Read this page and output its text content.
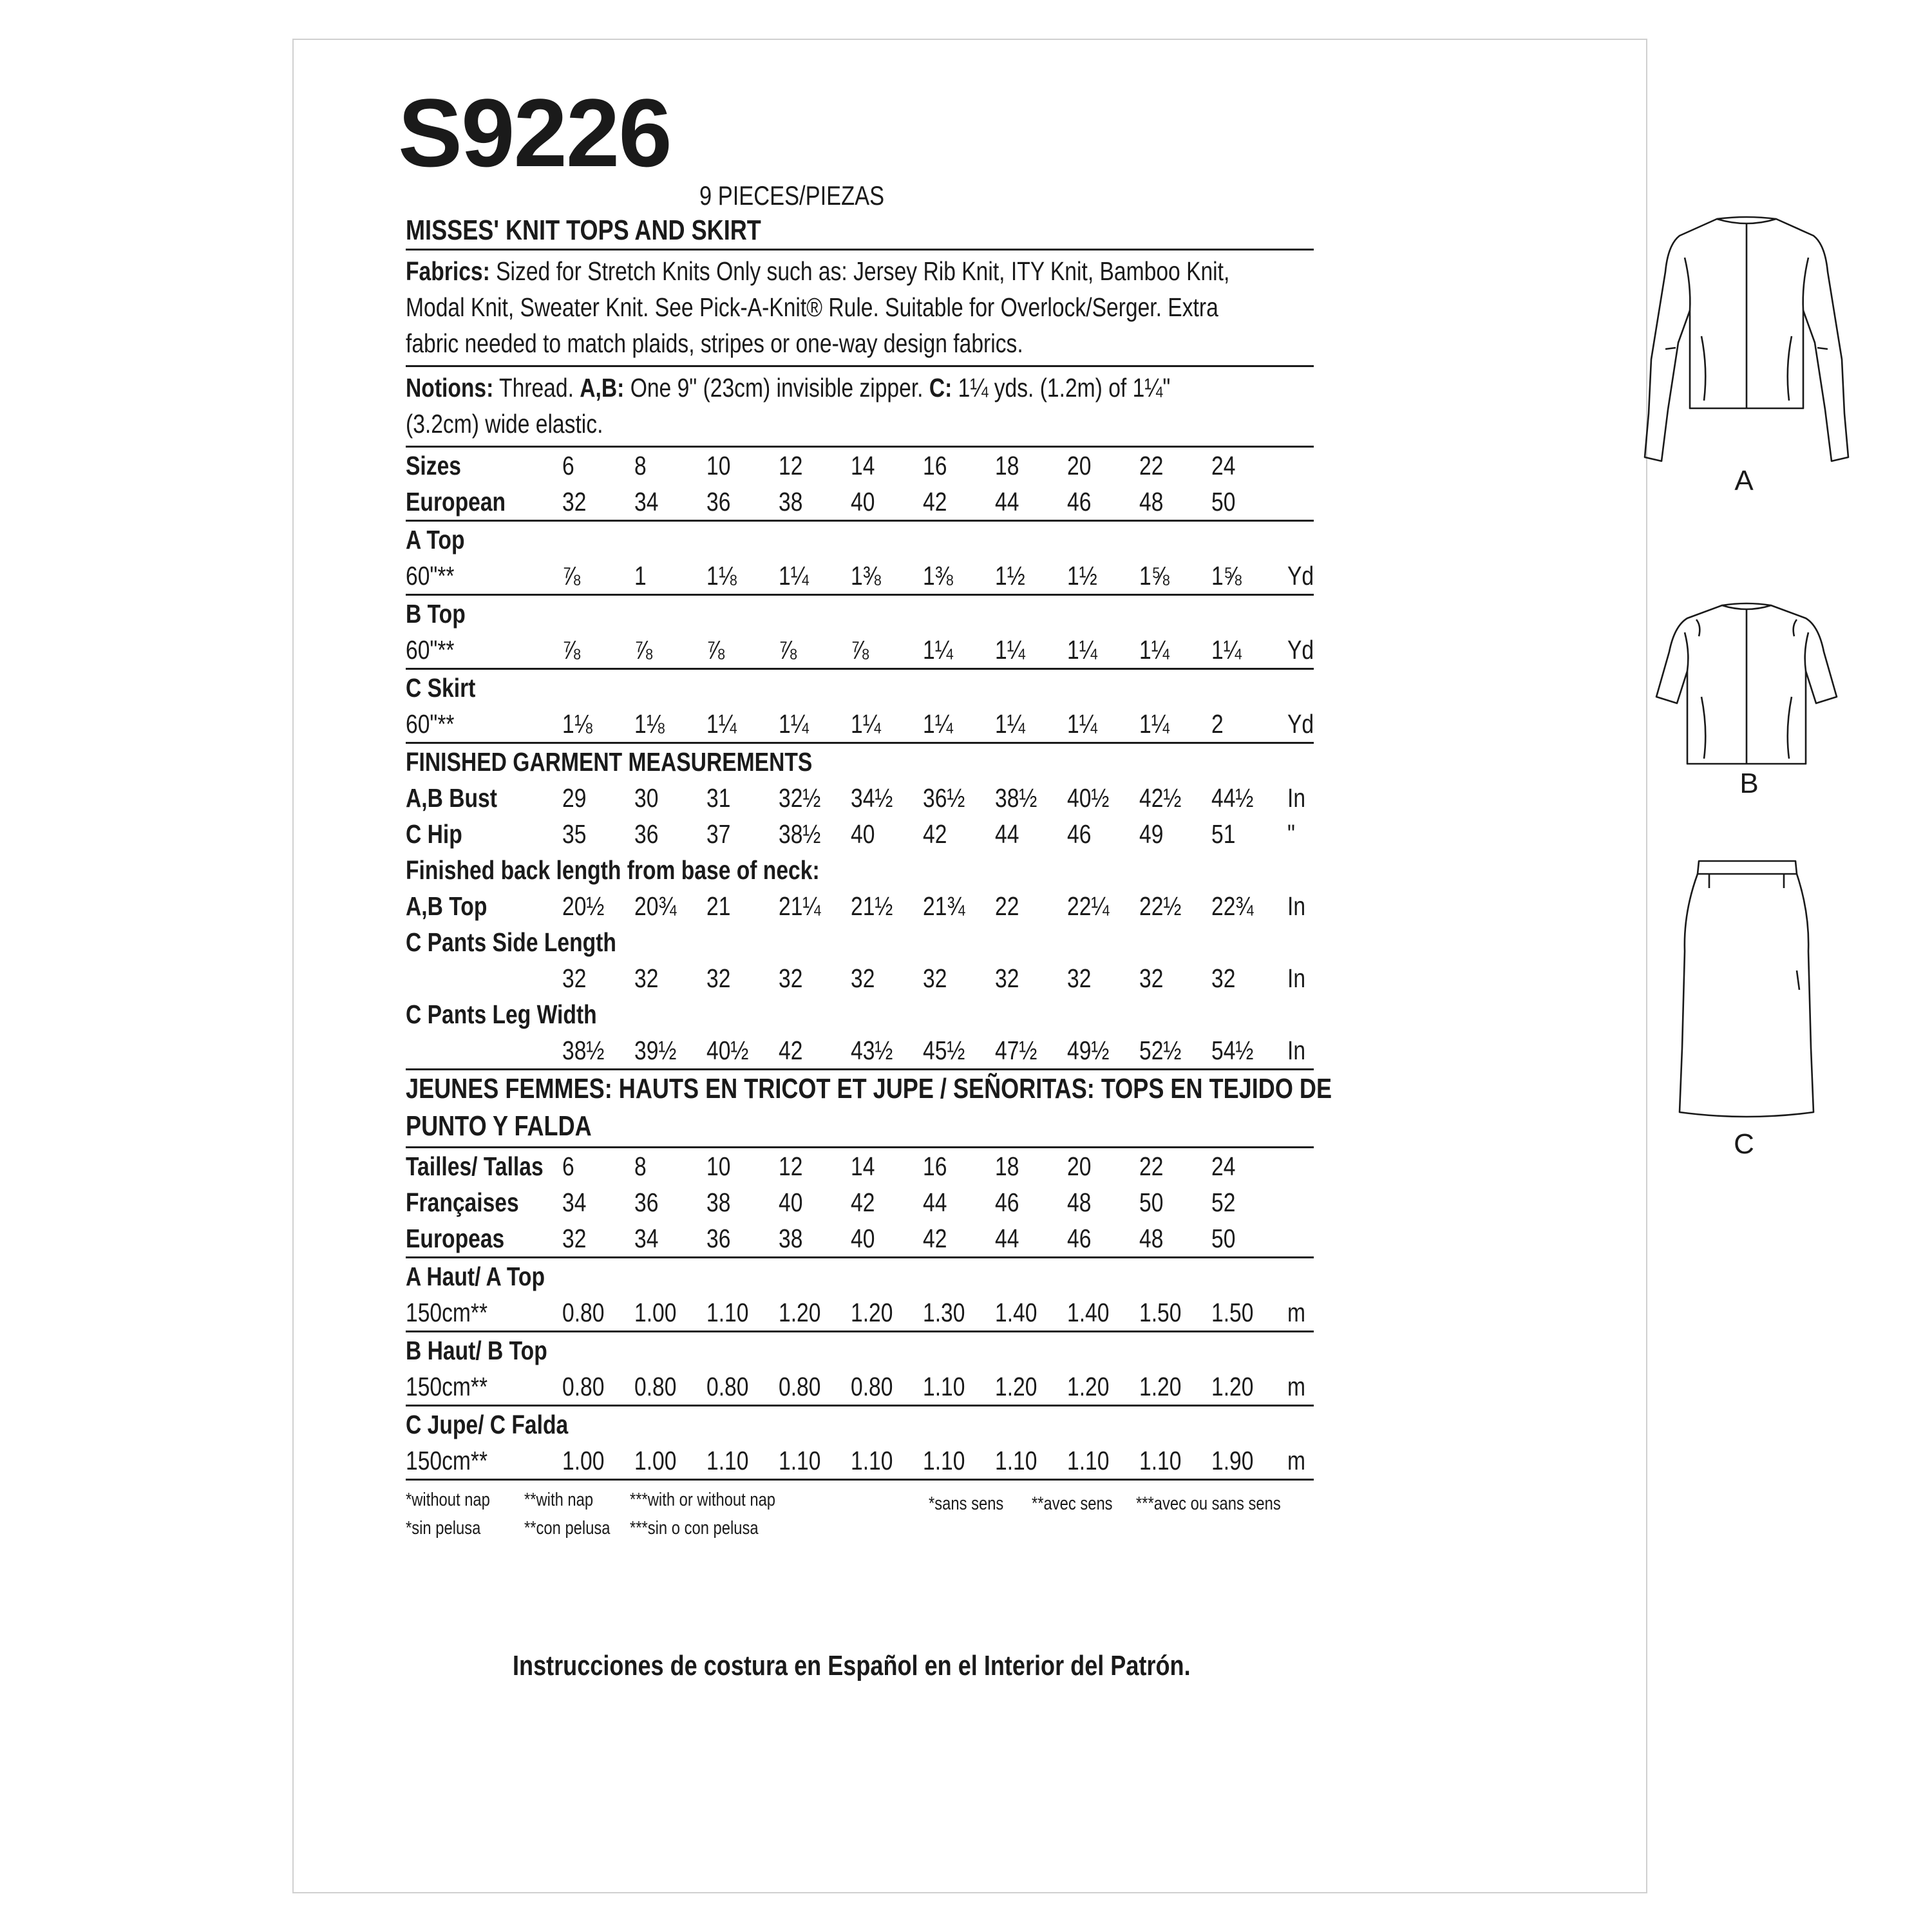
S9226
9 PIECES/PIEZAS
MISSES' KNIT TOPS AND SKIRT
Fabrics: Sized for Stretch Knits Only such as: Jersey Rib Knit, ITY Knit, Bamboo Knit,
Modal Knit, Sweater Knit. See Pick-A-Knit® Rule. Suitable for Overlock/Serger. Extra
fabric needed to match plaids, stripes or one-way design fabrics.
Notions: Thread. A,B: One 9" (23cm) invisible zipper. C: 1¼ yds. (1.2m) of 1¼"
(3.2cm) wide elastic.
Sizes	6	8	10	12	14	16	18	20	22	24	
European	32	34	36	38	40	42	44	46	48	50	
A Top											
60"**	⅞	1	1⅛	1¼	1⅜	1⅜	1½	1½	1⅝	1⅝	Yd
B Top											
60"**	⅞	⅞	⅞	⅞	⅞	1¼	1¼	1¼	1¼	1¼	Yd
C Skirt											
60"**	1⅛	1⅛	1¼	1¼	1¼	1¼	1¼	1¼	1¼	2	Yd
FINISHED GARMENT MEASUREMENTS											
A,B Bust	29	30	31	32½	34½	36½	38½	40½	42½	44½	In
C Hip	35	36	37	38½	40	42	44	46	49	51	"
Finished back length from base of neck:											
A,B Top	20½	20¾	21	21¼	21½	21¾	22	22¼	22½	22¾	In
C Pants Side Length											
	32	32	32	32	32	32	32	32	32	32	In
C Pants Leg Width											
	38½	39½	40½	42	43½	45½	47½	49½	52½	54½	In
JEUNES FEMMES: HAUTS EN TRICOT ET JUPE / SEÑORITAS: TOPS EN TEJIDO DE
PUNTO Y FALDA
Tailles/ Tallas	6	8	10	12	14	16	18	20	22	24	
Françaises	34	36	38	40	42	44	46	48	50	52	
Europeas	32	34	36	38	40	42	44	46	48	50	
A Haut/ A Top											
150cm**	0.80	1.00	1.10	1.20	1.20	1.30	1.40	1.40	1.50	1.50	m
B Haut/ B Top											
150cm**	0.80	0.80	0.80	0.80	0.80	1.10	1.20	1.20	1.20	1.20	m
C Jupe/ C Falda											
150cm**	1.00	1.00	1.10	1.10	1.10	1.10	1.10	1.10	1.10	1.90	m
*without nap	**with nap	***with or without nap
*sin pelusa	**con pelusa	***sin o con pelusa
*sans sens	**avec sens	***avec ou sans sens
Instrucciones de costura en Español en el Interior del Patrón.
A
B
C
